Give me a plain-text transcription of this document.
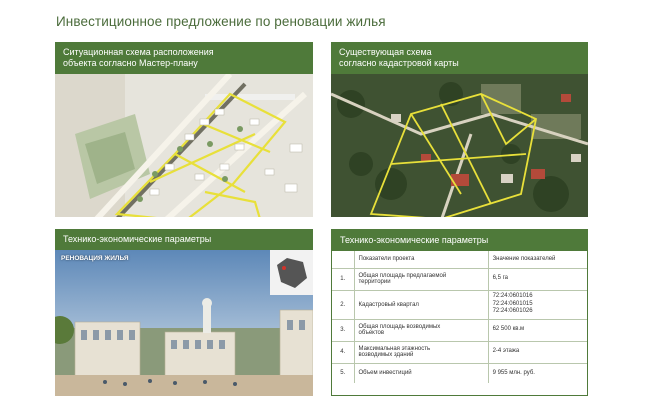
Инвестиционное предложение по реновации жилья
Ситуационная схема расположения
объекта согласно Мастер-плану
Существующая схема
согласно кадастровой карты
Технико-экономические параметры
РЕНОВАЦИЯ ЖИЛЬЯ
Технико-экономические параметры
	Показатели проекта	Значение показателей
1.	Общая площадь предлагаемой
территории	6,5 га

2.	Кадастровый квартал	72:24:0601016
72:24:0601015
72:24:0601026

3.	Общая площадь возводимых
объектов	62 500 кв.м

4.	Максимальная этажность
возводимых зданий	2-4 этажа

5.	Объем инвестиций	9 955 млн. руб.
